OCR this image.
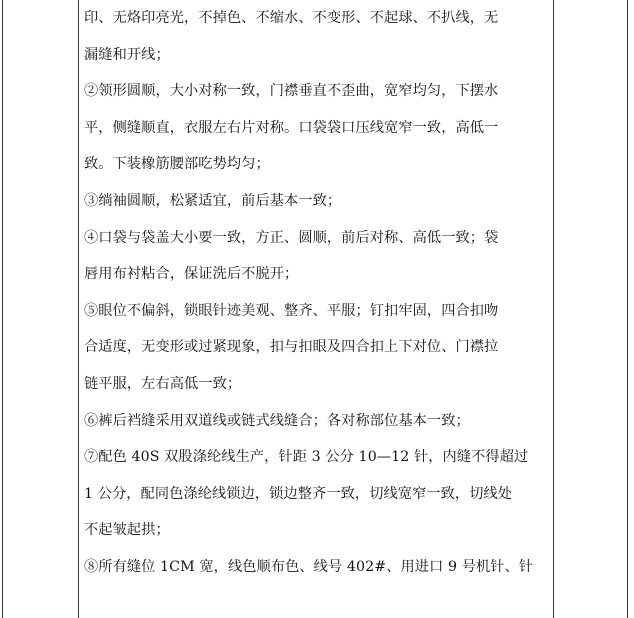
印、无烙印亮光，不掉色、不缩水、不变形、不起球、不扒线，无
漏缝和开线；
②领形圆顺，大小对称一致，门襟垂直不歪曲，宽窄均匀，下摆水
平，侧缝顺直，衣服左右片对称。口袋袋口压线宽窄一致，高低一
致。下装橡筋腰部吃势均匀；
③绱袖圆顺，松紧适宜，前后基本一致；
④口袋与袋盖大小要一致，方正、圆顺，前后对称、高低一致；袋
唇用布衬粘合，保证洗后不脱开；
⑤眼位不偏斜，锁眼针迹美观、整齐、平服；钉扣牢固，四合扣吻
合适度，无变形或过紧现象，扣与扣眼及四合扣上下对位、门襟拉
链平服，左右高低一致；
⑥裤后裆缝采用双道线或链式线缝合；各对称部位基本一致；
⑦配色 40S 双股涤纶线生产，针距 3 公分 10—12 针，内缝不得超过
1 公分，配同色涤纶线锁边，锁边整齐一致，切线宽窄一致，切线处
不起皱起拱；
⑧所有缝位 1CM 宽，线色顺布色、线号 402#、用进口 9 号机针、针
